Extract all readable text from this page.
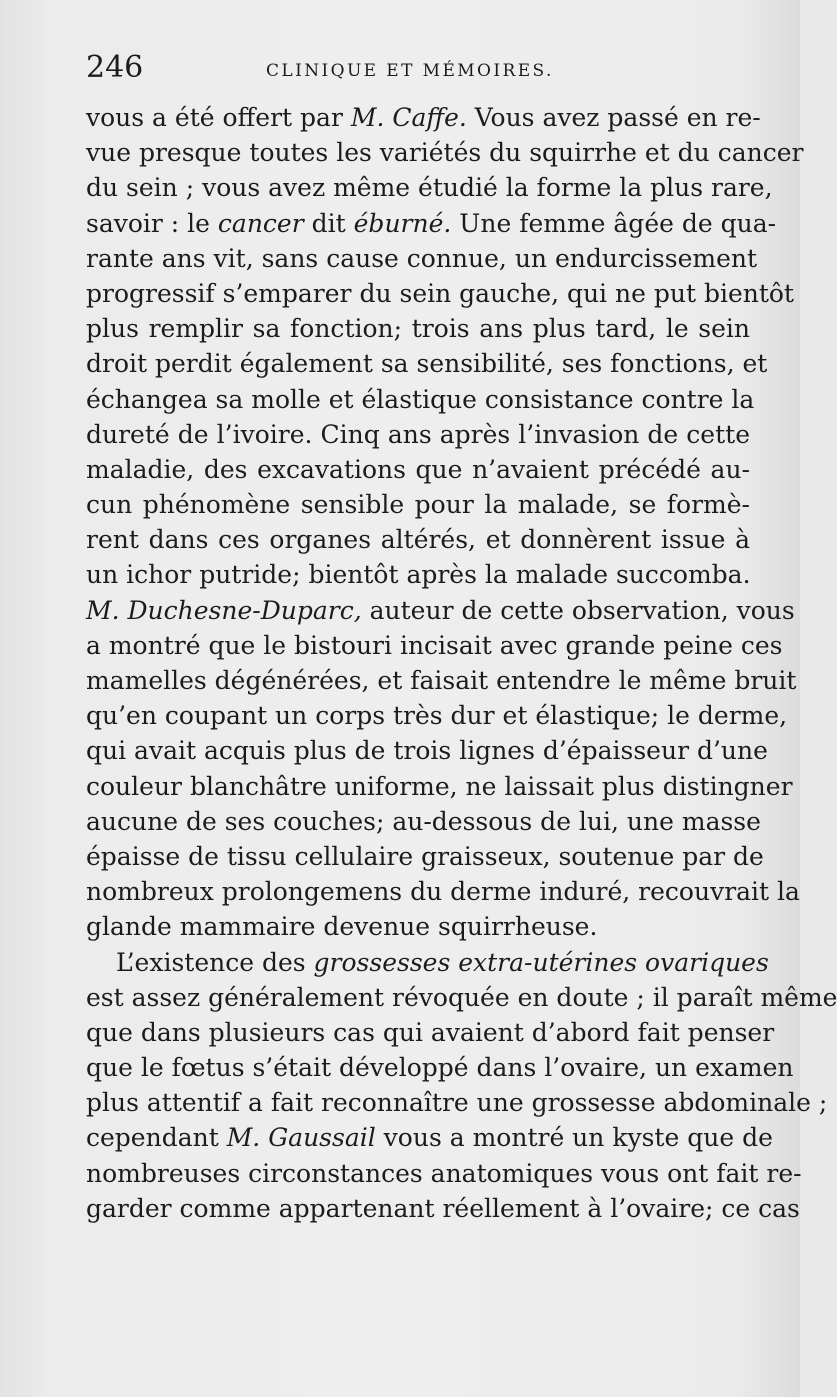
246	CLINIQUE ET MÉMOIRES.
vous a été offert par M. Caffe. Vous avez passé en re-
vue presque toutes les variétés du squirrhe et du cancer
du sein ; vous avez même étudié la forme la plus rare,
savoir : le cancer dit éburné. Une femme âgée de qua-
rante ans vit, sans cause connue, un endurcissement
progressif s’emparer du sein gauche, qui ne put bientôt
plus remplir sa fonction; trois ans plus tard, le sein
droit perdit également sa sensibilité, ses fonctions, et
échangea sa molle et élastique consistance contre la
dureté de l’ivoire. Cinq ans après l’invasion de cette
maladie, des excavations que n’avaient précédé au-
cun phénomène sensible pour la malade, se formè-
rent dans ces organes altérés, et donnèrent issue à
un ichor putride; bientôt après la malade succomba.
M. Duchesne-Duparc, auteur de cette observation, vous
a montré que le bistouri incisait avec grande peine ces
mamelles dégénérées, et faisait entendre le même bruit
qu’en coupant un corps très dur et élastique; le derme,
qui avait acquis plus de trois lignes d’épaisseur d’une
couleur blanchâtre uniforme, ne laissait plus distingner
aucune de ses couches; au-dessous de lui, une masse
épaisse de tissu cellulaire graisseux, soutenue par de
nombreux prolongemens du derme induré, recouvrait la
glande mammaire devenue squirrheuse.
L’existence des grossesses extra-utérines ovariques
est assez généralement révoquée en doute ; il paraît même
que dans plusieurs cas qui avaient d’abord fait penser
que le fœtus s’était développé dans l’ovaire, un examen
plus attentif a fait reconnaître une grossesse abdominale ;
cependant M. Gaussail vous a montré un kyste que de
nombreuses circonstances anatomiques vous ont fait re-
garder comme appartenant réellement à l’ovaire; ce cas
